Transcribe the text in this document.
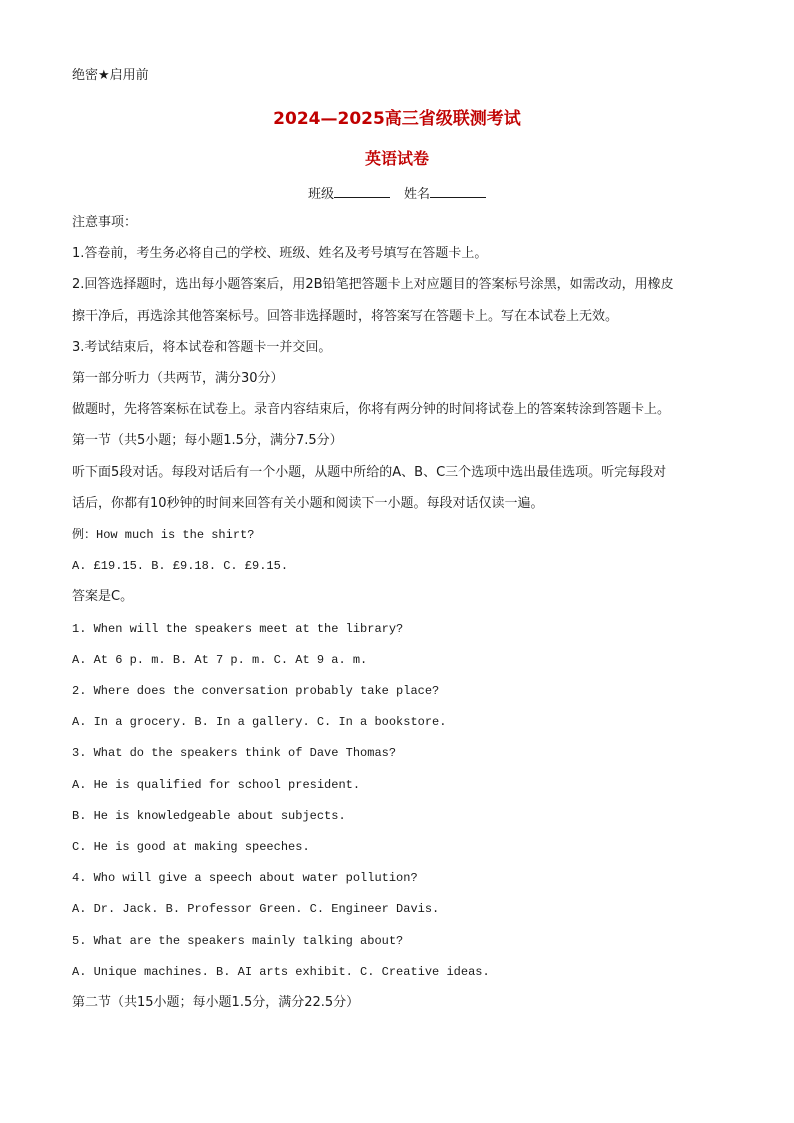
绝密★启用前
2024—2025高三省级联测考试
英语试卷
班级	姓名
注意事项：
1.答卷前，考生务必将自己的学校、班级、姓名及考号填写在答题卡上。
2.回答选择题时，选出每小题答案后，用2B铅笔把答题卡上对应题目的答案标号涂黑，如需改动，用橡皮
擦干净后，再选涂其他答案标号。回答非选择题时，将答案写在答题卡上。写在本试卷上无效。
3.考试结束后，将本试卷和答题卡一并交回。
第一部分听力（共两节，满分30分）
做题时，先将答案标在试卷上。录音内容结束后，你将有两分钟的时间将试卷上的答案转涂到答题卡上。
第一节（共5小题；每小题1.5分，满分7.5分）
听下面5段对话。每段对话后有一个小题，从题中所给的A、B、C三个选项中选出最佳选项。听完每段对
话后，你都有10秒钟的时间来回答有关小题和阅读下一小题。每段对话仅读一遍。
例：How much is the shirt?
A. £19.15. B. £9.18. C. £9.15.
答案是C。
1. When will the speakers meet at the library?
A. At 6 p. m. B. At 7 p. m. C. At 9 a. m.
2. Where does the conversation probably take place?
A. In a grocery. B. In a gallery. C. In a bookstore.
3. What do the speakers think of Dave Thomas?
A. He is qualified for school president.
B. He is knowledgeable about subjects.
C. He is good at making speeches.
4. Who will give a speech about water pollution?
A. Dr. Jack. B. Professor Green. C. Engineer Davis.
5. What are the speakers mainly talking about?
A. Unique machines. B. AI arts exhibit. C. Creative ideas.
第二节（共15小题；每小题1.5分，满分22.5分）
